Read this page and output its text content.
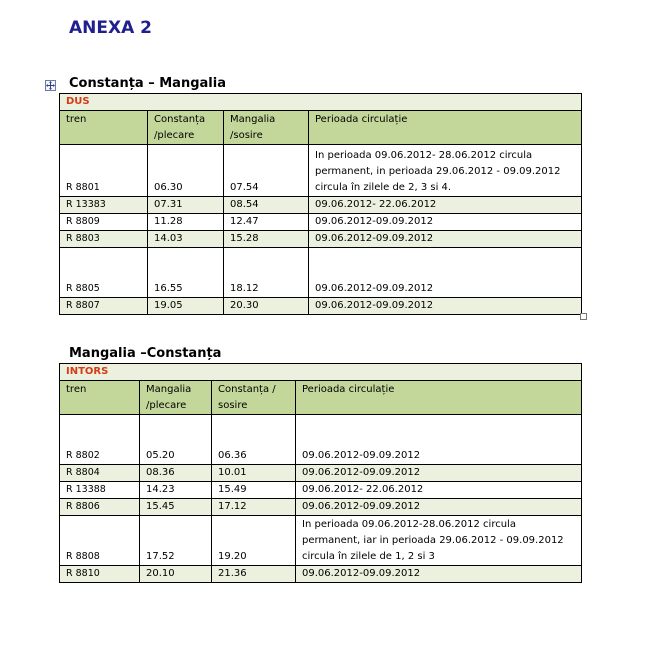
ANEXA 2
Constanța – Mangalia
DUS			
tren	Constanța /plecare	Mangalia /sosire	Perioada circulație
R 8801	06.30	07.54	In perioada 09.06.2012- 28.06.2012 circula permanent, in perioada 29.06.2012 - 09.09.2012 circula în zilele de 2, 3 si 4.
R 13383	07.31	08.54	09.06.2012- 22.06.2012
R 8809	11.28	12.47	09.06.2012-09.09.2012
R 8803	14.03	15.28	09.06.2012-09.09.2012
R 8805	16.55	18.12	09.06.2012-09.09.2012
R 8807	19.05	20.30	09.06.2012-09.09.2012
Mangalia –Constanța
INTORS			
tren	Mangalia /plecare	Constanța / sosire	Perioada circulație
R 8802	05.20	06.36	09.06.2012-09.09.2012
R 8804	08.36	10.01	09.06.2012-09.09.2012
R 13388	14.23	15.49	09.06.2012- 22.06.2012
R 8806	15.45	17.12	09.06.2012-09.09.2012
R 8808	17.52	19.20	In perioada 09.06.2012-28.06.2012 circula permanent, iar in perioada 29.06.2012 - 09.09.2012 circula în zilele de 1, 2 si 3
R 8810	20.10	21.36	09.06.2012-09.09.2012
